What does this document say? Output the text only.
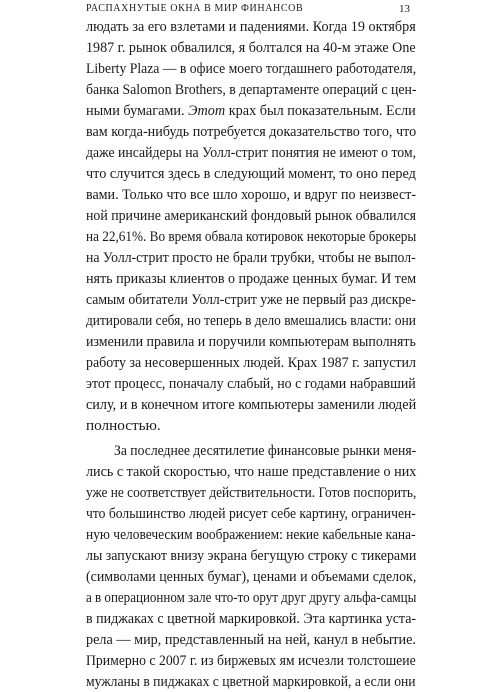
РАСПАХНУТЫЕ ОКНА В МИР ФИНАНСОВ	13
людать за его взлетами и падениями. Когда 19 октября
1987 г. рынок обвалился, я болтался на 40-м этаже One
Liberty Plaza — в офисе моего тогдашнего работодателя,
банка Salomon Brothers, в департаменте операций с цен-
ными бумагами. Этот крах был показательным. Если
вам когда-нибудь потребуется доказательство того, что
даже инсайдеры на Уолл-стрит понятия не имеют о том,
что случится здесь в следующий момент, то оно перед
вами. Только что все шло хорошо, и вдруг по неизвест-
ной причине американский фондовый рынок обвалился
на 22,61%. Во время обвала котировок некоторые брокеры
на Уолл-стрит просто не брали трубки, чтобы не выпол-
нять приказы клиентов о продаже ценных бумаг. И тем
самым обитатели Уолл-стрит уже не первый раз дискре-
дитировали себя, но теперь в дело вмешались власти: они
изменили правила и поручили компьютерам выполнять
работу за несовершенных людей. Крах 1987 г. запустил
этот процесс, поначалу слабый, но с годами набравший
силу, и в конечном итоге компьютеры заменили людей
полностью.
За последнее десятилетие финансовые рынки меня-
лись с такой скоростью, что наше представление о них
уже не соответствует действительности. Готов поспорить,
что большинство людей рисует себе картину, ограничен-
ную человеческим воображением: некие кабельные кана-
лы запускают внизу экрана бегущую строку с тикерами
(символами ценных бумаг), ценами и объемами сделок,
а в операционном зале что-то орут друг другу альфа-самцы
в пиджаках с цветной маркировкой. Эта картинка уста-
рела — мир, представленный на ней, канул в небытие.
Примерно с 2007 г. из биржевых ям исчезли толстошеие
мужланы в пиджаках с цветной маркировкой, а если они
